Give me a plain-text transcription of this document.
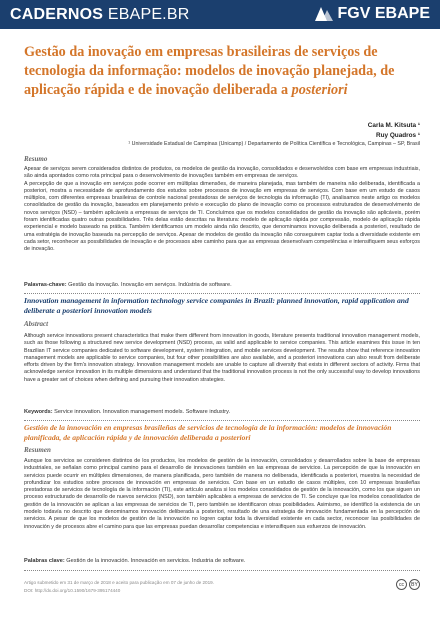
CADERNOS EBAPE.BR	FGV EBAPE
Gestão da inovação em empresas brasileiras de serviços de tecnologia da informação: modelos de inovação planejada, de aplicação rápida e de inovação deliberada a posteriori
Carla M. Kitsuta ¹
Ruy Quadros ¹
¹ Universidade Estadual de Campinas (Unicamp) / Departamento de Política Científica e Tecnológica, Campinas – SP, Brasil
Resumo

Apesar de serviços serem considerados distintos de produtos, os modelos de gestão da inovação, consolidados e desenvolvidos com base em empresas industriais, são ainda apontados como rota principal para o desenvolvimento de inovações também em empresas de serviços.

A percepção de que a inovação em serviços pode ocorrer em múltiplas dimensões, de maneira planejada, mas também de maneira não deliberada, identificada a posteriori, mostra a necessidade de aprofundamento dos estudos sobre processos de inovação em empresas de serviços. Com base em um estudo de casos múltiplos, com diferentes empresas brasileiras de controle nacional prestadoras de serviços de tecnologia da informação (TI), analisamos neste artigo os modelos consolidados de gestão da inovação, baseados em planejamento prévio e execução do plano de inovação como os processos estruturados de desenvolvimento de novos serviços (NSD) – também aplicáveis a empresas de serviços de TI. Concluímos que os modelos consolidados de gestão da inovação são aplicáveis, porém foram identificadas quatro outras possibilidades. Três delas estão descritas na literatura: modelo de aplicação rápida por compressão, modelo de aplicação rápida experiencial e modelo baseado na prática. Também identificamos um modelo ainda não descrito, que denominamos inovação deliberada a posteriori, resultado de uma estratégia de inovação baseada na percepção de serviços. Apesar de modelos de gestão da inovação não conseguirem captar toda a diversidade existente em cada setor, reconhecer as possibilidades de inovação e de processos abre caminho para que as empresas desenvolvam competências e intensifiquem seus esforços de inovação.

Palavras-chave: Gestão da inovação. Inovação em serviços. Indústria de software.
Innovation management in information technology service companies in Brazil: planned innovation, rapid application and deliberate a posteriori innovation models
Abstract

Although service innovations present characteristics that make them different from innovation in goods, literature presents traditional innovation management models, such as those following a structured new service development (NSD) process, as valid and applicable to service companies. This article examines this issue in ten Brazilian IT service companies dedicated to software development, system integration, and mobile services development. The results show that reference innovation management models are applicable to service companies, but four other possibilities are also available, and a posteriori innovations can also result from deliberate efforts driven by the firm's innovation strategy. Innovation management models are unable to capture all diversity that exists in different sectors of activity. Firms that acknowledge service innovation in its multiple dimensions and understand that the traditional innovation process is not the only successful way to develop innovations have a greater set of choices when defining and pursuing their innovation strategies.

Keywords: Service innovation. Innovation management models. Software industry.
Gestión de la innovación en empresas brasileñas de servicios de tecnología de la información: modelos de innovación planificada, de aplicación rápida y de innovación deliberada a posteriori
Resumen

Aunque los servicios se consideren distintos de los productos, los modelos de gestión de la innovación, consolidados y desarrollados sobre la base de empresas industriales, se señalan como principal camino para el desarrollo de innovaciones también en las empresas de servicios. La percepción de que la innovación en servicios puede ocurrir en múltiples dimensiones, de manera planificada, pero también de manera no deliberada, identificada a posteriori, muestra la necesidad de profundizar los estudios sobre procesos de innovación en empresas de servicios. Con base en un estudio de casos múltiples, con 10 empresas brasileñas prestadoras de servicios de tecnología de la información (TI), este artículo analiza si los modelos consolidados de gestión de la innovación, como los que siguen un proceso estructurado de desarrollo de nuevos servicios (NSD), son también aplicables a empresas de servicios de TI. Se concluye que los modelos consolidados de gestión de la innovación se aplican a las empresas de servicios de TI, pero también se identificaron otras posibilidades. Asimismo, se identificó la existencia de un modelo todavía no descrito que denominamos innovación deliberada a posteriori, resultado de una estrategia de innovación fundamentada en la percepción de servicios. A pesar de que los modelos de gestión de la innovación no logren captar toda la diversidad existente en cada sector, reconocer las posibilidades de innovación y de procesos abre el camino para que las empresas puedan desarrollar competencias e intensifiquen sus esfuerzos de innovación.

Palabras clave: Gestión de la innovación. Innovación en servicios. Industria de software.
Artigo submetido em 31 de março de 2018 e aceito para publicação em 07 de junho de 2019.
DOI: http://dx.doi.org/10.1590/1679-395174440
cc	BY
